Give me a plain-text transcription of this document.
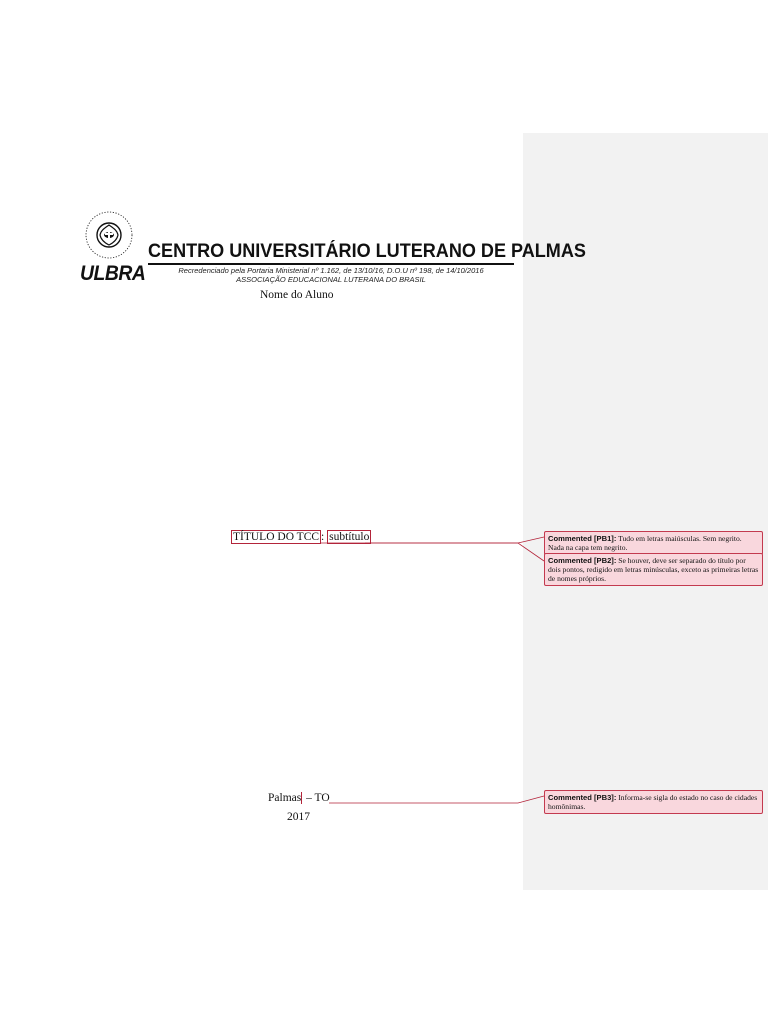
ULBRA
CENTRO UNIVERSITÁRIO LUTERANO DE PALMAS
Recredenciado pela Portaria Ministerial nº 1.162, de 13/10/16, D.O.U nº 198, de 14/10/2016
ASSOCIAÇÃO EDUCACIONAL LUTERANA DO BRASIL
Nome do Aluno
TÍTULO DO TCC : subtítulo
Palmas – TO
2017
Commented [PB1]: Tudo em letras maiúsculas. Sem negrito. Nada na capa tem negrito.
Commented [PB2]: Se houver, deve ser separado do título por dois pontos, redigido em letras minúsculas, exceto as primeiras letras de nomes próprios.
Commented [PB3]: Informa-se sigla do estado no caso de cidades homônimas.
